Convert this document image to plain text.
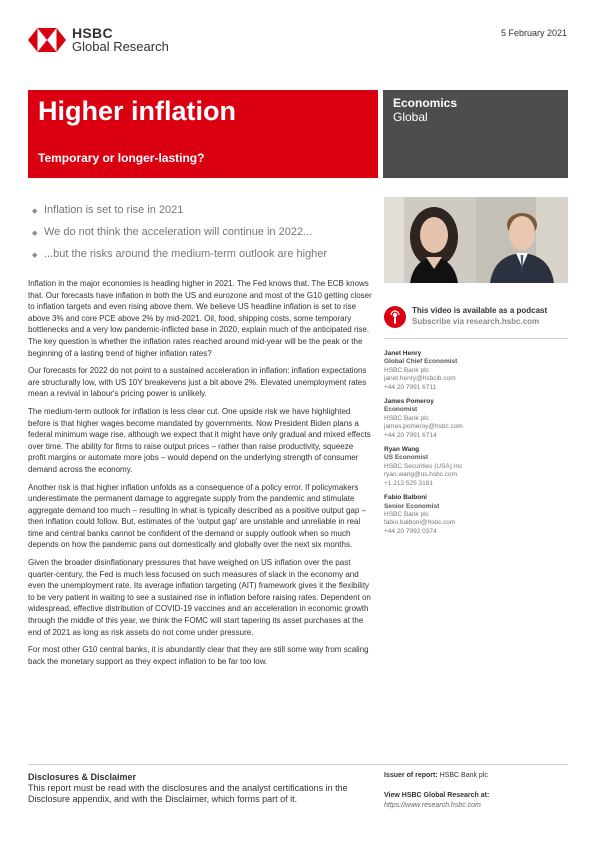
HSBC
Global Research
5 February 2021
Higher inflation
Temporary or longer-lasting?
Economics
Global
◆ Inflation is set to rise in 2021
◆ We do not think the acceleration will continue in 2022...
◆ ...but the risks around the medium-term outlook are higher

Inflation in the major economies is heading higher in 2021. The Fed knows that. The ECB knows that. Our forecasts have inflation in both the US and eurozone and most of the G10 getting closer to inflation targets and even rising above them. We believe US headline inflation is set to rise above 3% and core PCE above 2% by mid-2021. Oil, food, shipping costs, some temporary bottlenecks and a very low pandemic-inflicted base in 2020, explain much of the anticipated rise. The key question is whether the inflation rates reached around mid-year will be the peak or the beginning of a lasting trend of higher inflation rates?

Our forecasts for 2022 do not point to a sustained acceleration in inflation: inflation expectations are structurally low, with US 10Y breakevens just a bit above 2%. Elevated unemployment rates mean a revival in labour's pricing power is unlikely.

The medium-term outlook for inflation is less clear cut. One upside risk we have highlighted before is that higher wages become mandated by governments. Now President Biden plans a federal minimum wage rise, although we expect that it might have only gradual and mixed effects over time. The ability for firms to raise output prices – rather than raise productivity, squeeze profit margins or automate more jobs – would depend on the underlying strength of consumer demand across the economy.

Another risk is that higher inflation unfolds as a consequence of a policy error. If policymakers underestimate the permanent damage to aggregate supply from the pandemic and stimulate aggregate demand too much – resulting in what is typically described as a positive output gap – then inflation could follow. But, estimates of the 'output gap' are unstable and unreliable in real time and central banks cannot be confident of the demand or supply outlook when so much depends on how the pandemic pans out domestically and globally over the next six months.

Given the broader disinflationary pressures that have weighed on US inflation over the past quarter-century, the Fed is much less focused on such measures of slack in the economy and even the unemployment rate. Its average inflation targeting (AIT) framework gives it the flexibility to be very patient in waiting to see a sustained rise in inflation before raising rates. Dependent on widespread, effective distribution of COVID-19 vaccines and an acceleration in economic growth through the middle of this year, we think the FOMC will start tapering its asset purchases at the end of 2021 as long as risk assets do not come under pressure.

For most other G10 central banks, it is abundantly clear that they are still some way from scaling back the monetary support as they expect inflation to be far too low.

This video is available as a podcast
Subscribe via research.hsbc.com
Janet Henry
Global Chief Economist
HSBC Bank plc
janet.henry@hsbcib.com
+44 20 7991 6711
James Pomeroy
Economist
HSBC Bank plc
james.pomeroy@hsbc.com
+44 20 7991 6714
Ryan Wang
US Economist
HSBC Securities (USA) Inc
ryan.wang@us.hsbc.com
+1 212 525 3181
Fabio Balboni
Senior Economist
HSBC Bank plc
fabio.balboni@hsbc.com
+44 20 7992 0374
Disclosures & Disclaimer
This report must be read with the disclosures and the analyst certifications in the Disclosure appendix, and with the Disclaimer, which forms part of it.
Issuer of report: HSBC Bank plc
View HSBC Global Research at:
https://www.research.hsbc.com
